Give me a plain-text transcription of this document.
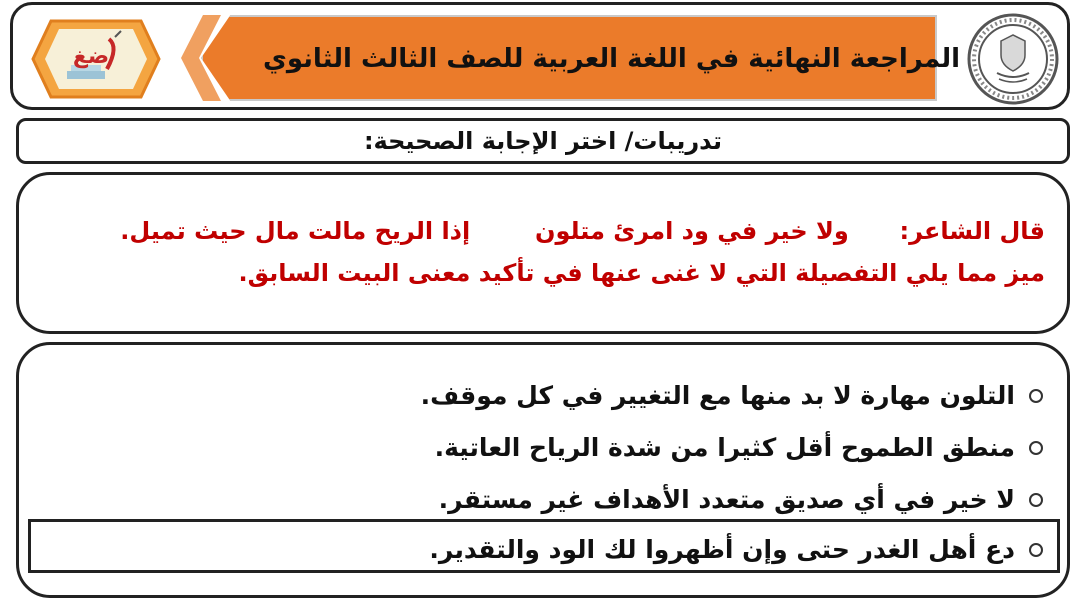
المراجعة النهائية في اللغة العربية للصف الثالث الثانوي
ضغ
تدريبات/ اختر الإجابة الصحيحة:
قال الشاعر:  ولا خير في ود امرئ متلون  إذا الريح مالت مال حيث تميل.
ميز مما يلي التفصيلة التي لا غنى عنها في تأكيد معنى البيت السابق.
التلون مهارة لا بد منها مع التغيير في كل موقف.
منطق الطموح أقل كثيرا من شدة الرياح العاتية.
لا خير في أي صديق متعدد الأهداف غير مستقر.
دع أهل الغدر حتى وإن أظهروا لك الود والتقدير.
